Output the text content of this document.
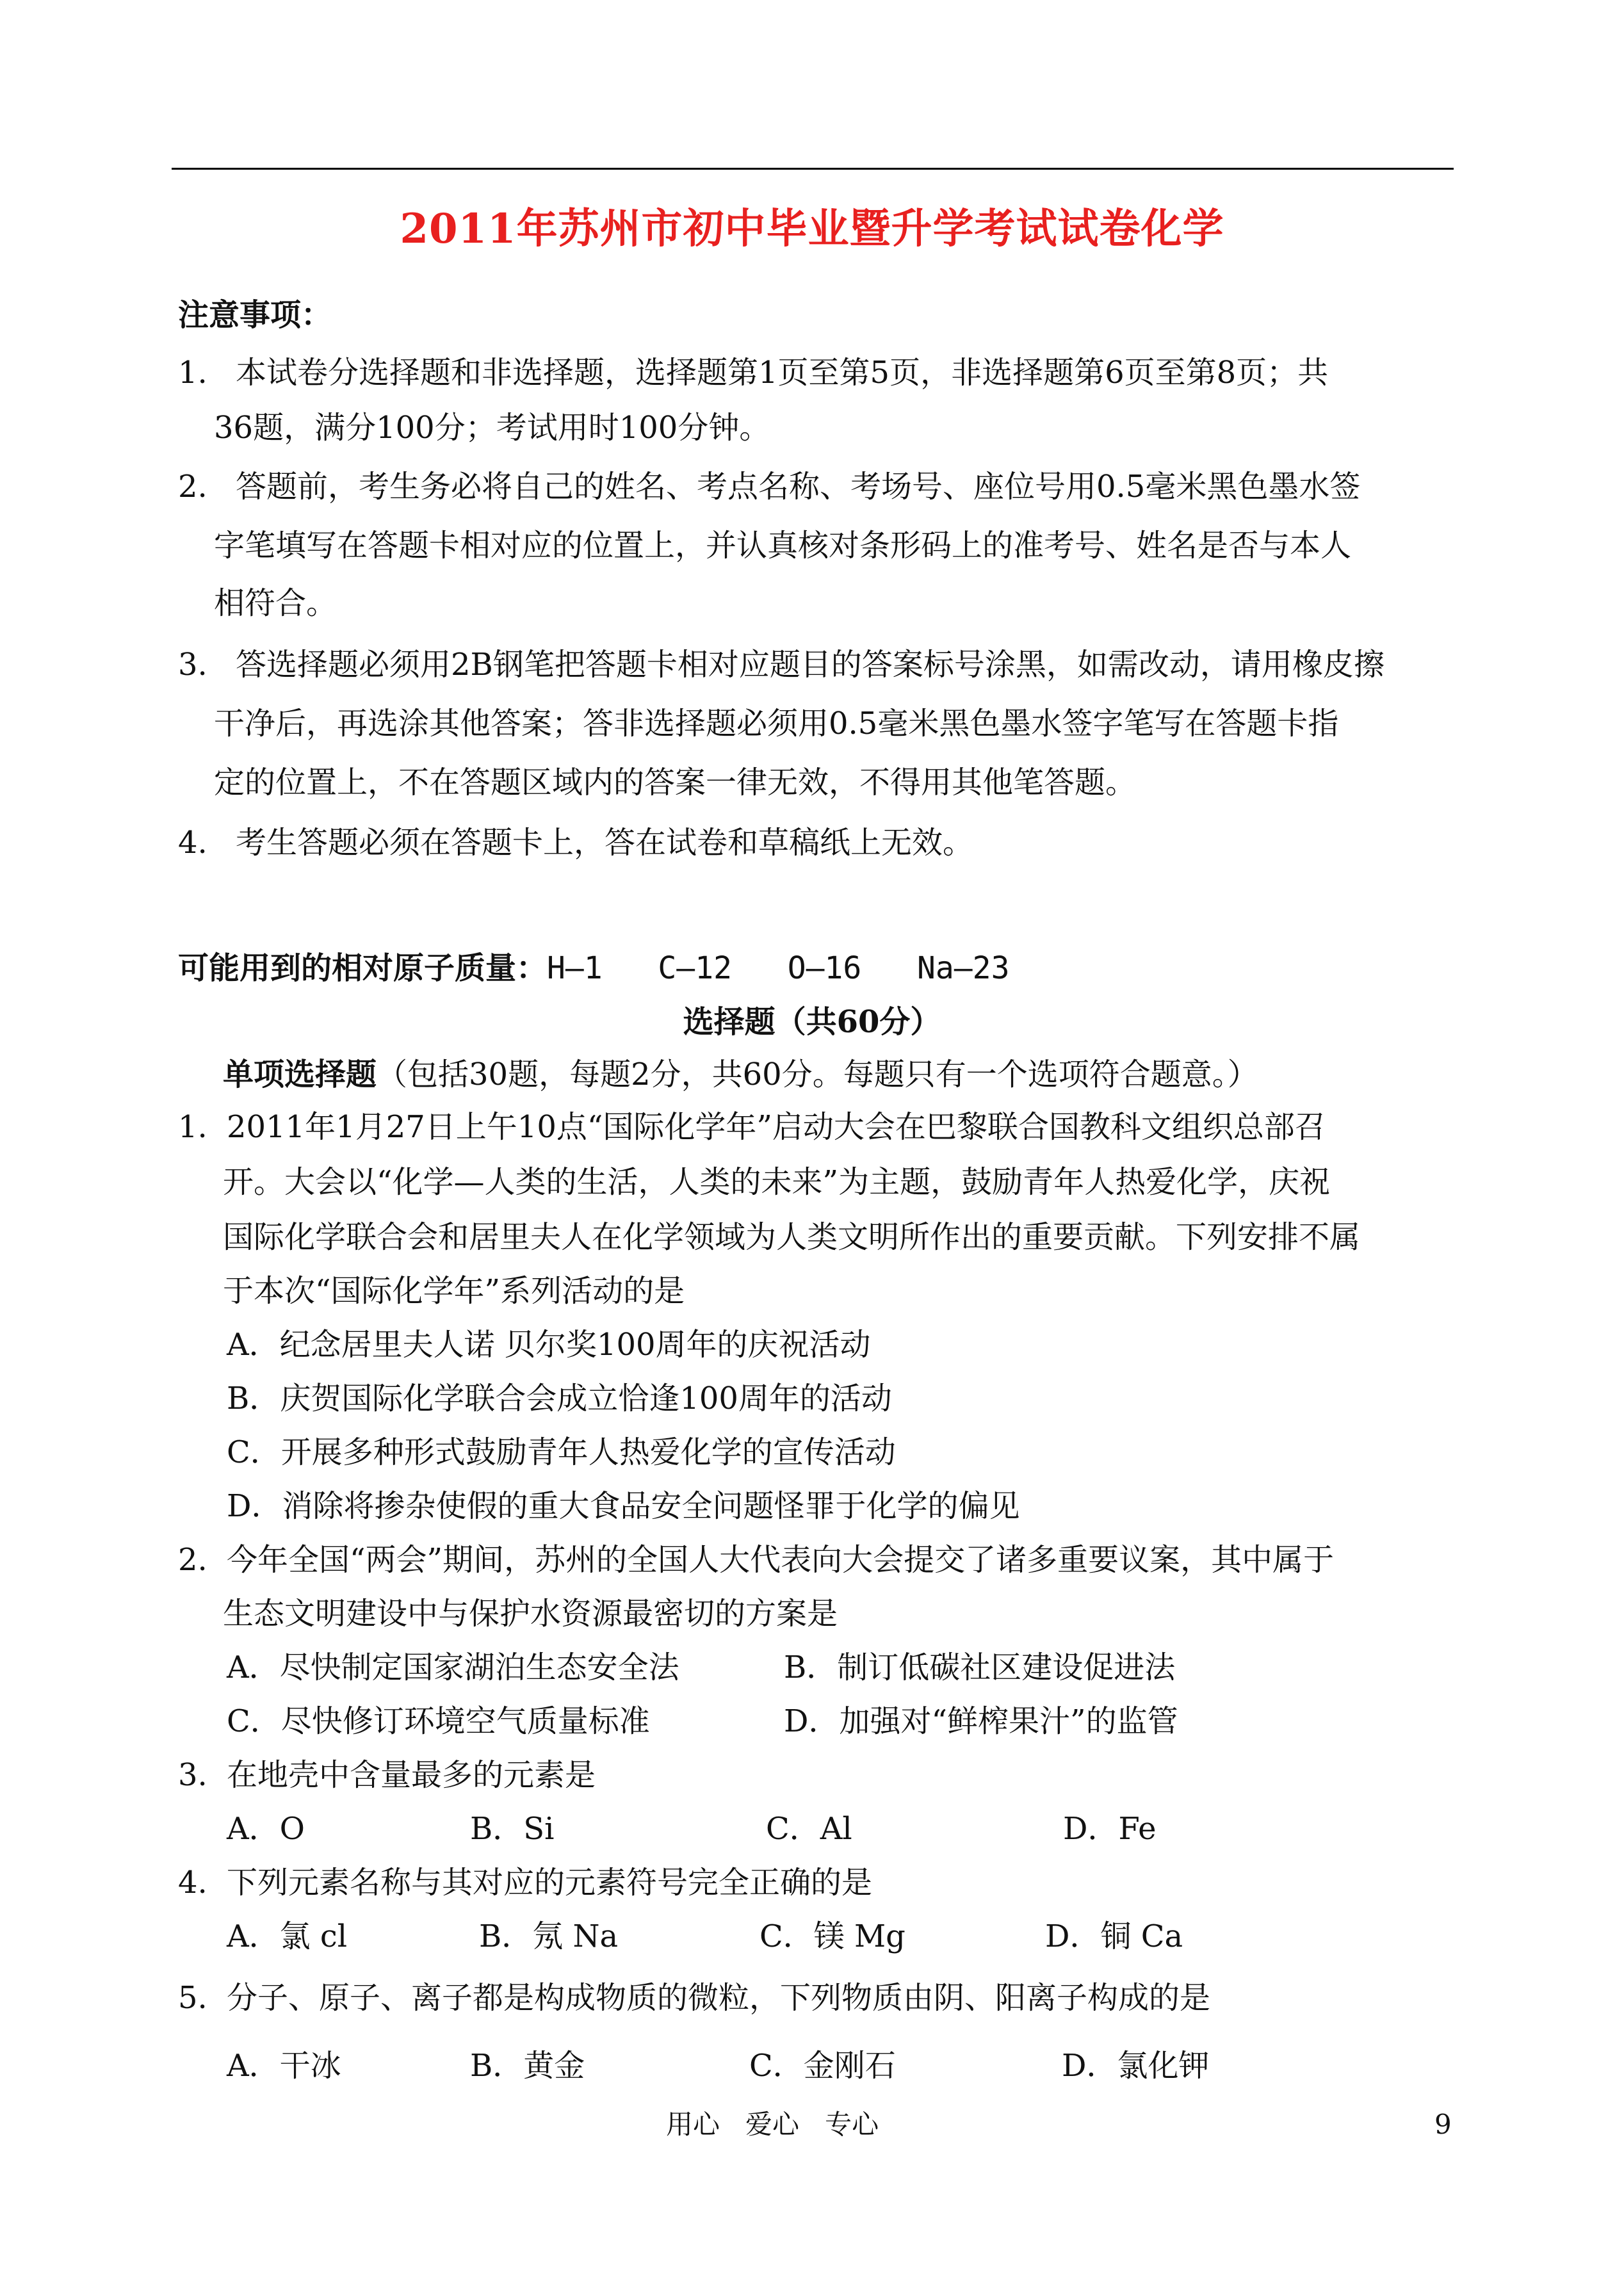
2011年苏州市初中毕业暨升学考试试卷化学
注意事项：
1. 本试卷分选择题和非选择题，选择题第1页至第5页，非选择题第6页至第8页；共
36题，满分100分；考试用时100分钟。
2. 答题前，考生务必将自己的姓名、考点名称、考场号、座位号用0.5毫米黑色墨水签
字笔填写在答题卡相对应的位置上，并认真核对条形码上的准考号、姓名是否与本人
相符合。
3. 答选择题必须用2B钢笔把答题卡相对应题目的答案标号涂黑，如需改动，请用橡皮擦
干净后，再选涂其他答案；答非选择题必须用0.5毫米黑色墨水签字笔写在答题卡指
定的位置上，不在答题区域内的答案一律无效，不得用其他笔答题。
4. 考生答题必须在答题卡上，答在试卷和草稿纸上无效。
可能用到的相对原子质量：H—1   C—12   O—16   Na—23
选择题（共60分）
单项选择题（包括30题，每题2分，共60分。每题只有一个选项符合题意。）
1. 2011年1月27日上午10点“国际化学年”启动大会在巴黎联合国教科文组织总部召
开。大会以“化学—人类的生活，人类的未来”为主题，鼓励青年人热爱化学，庆祝
国际化学联合会和居里夫人在化学领域为人类文明所作出的重要贡献。下列安排不属
于本次“国际化学年”系列活动的是
A．纪念居里夫人诺 贝尔奖100周年的庆祝活动
B．庆贺国际化学联合会成立恰逢100周年的活动
C．开展多种形式鼓励青年人热爱化学的宣传活动
D．消除将掺杂使假的重大食品安全问题怪罪于化学的偏见
2. 今年全国“两会”期间，苏州的全国人大代表向大会提交了诸多重要议案，其中属于
生态文明建设中与保护水资源最密切的方案是
A．尽快制定国家湖泊生态安全法	B．制订低碳社区建设促进法
C．尽快修订环境空气质量标准	D．加强对“鲜榨果汁”的监管
3. 在地壳中含量最多的元素是
A．O	B．Si	C．Al	D．Fe
4. 下列元素名称与其对应的元素符号完全正确的是
A．氯 cl	B．氖 Na	C．镁 Mg	D．铜 Ca
5. 分子、原子、离子都是构成物质的微粒，下列物质由阴、阳离子构成的是
A．干冰	B．黄金	C．金刚石	D．氯化钾
用心   爱心   专心	9
